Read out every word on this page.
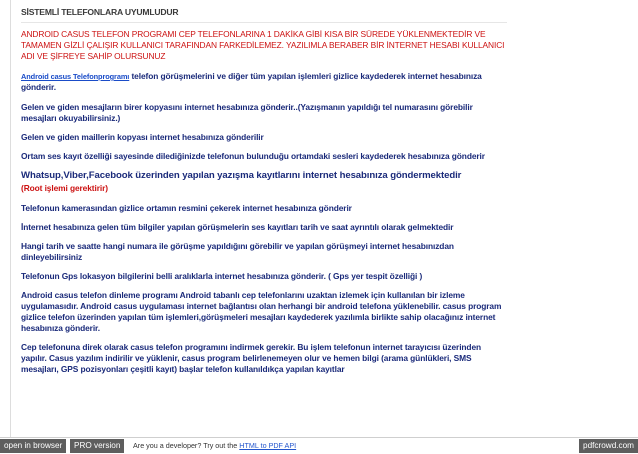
SİSTEMLİ TELEFONLARA UYUMLUDUR

ANDROID CASUS TELEFON PROGRAMI CEP TELEFONLARINA 1 DAKİKA GİBİ KISA BİR SÜREDE YÜKLENMEKTEDİR VE TAMAMEN GİZLİ ÇALIŞIR KULLANICI TARAFINDAN FARKEDİLEMEZ. YAZILIMLA BERABER BİR İNTERNET HESABI KULLANICI ADI VE ŞİFREYE SAHİP OLURSUNUZ

Android casus Telefonprogramı telefon görüşmelerini ve diğer tüm yapılan işlemleri gizlice kaydederek internet hesabınıza gönderir.

Gelen ve giden mesajların birer kopyasını internet hesabınıza gönderir..(Yazışmanın yapıldığı tel numarasını görebilir mesajları okuyabilirsiniz.)

Gelen ve giden maillerin kopyası internet hesabınıza gönderilir

Ortam ses kayıt özelliği sayesinde dilediğinizde telefonun bulunduğu ortamdaki sesleri kaydederek hesabınıza gönderir

Whatsup,Viber,Facebook üzerinden yapılan yazışma kayıtlarını internet hesabınıza göndermektedir
(Root işlemi gerektirir)

Telefonun kamerasından gizlice ortamın resmini çekerek internet hesabınıza gönderir

İnternet hesabınıza gelen tüm bilgiler yapılan görüşmelerin ses kayıtları tarih ve saat ayrıntılı olarak gelmektedir

Hangi tarih ve saatte hangi numara ile görüşme yapıldığını görebilir ve yapılan görüşmeyi internet hesabınızdan dinleyebilirsiniz

Telefonun Gps lokasyon bilgilerini belli aralıklarla internet hesabınıza gönderir. ( Gps yer tespit özelliği )

Android casus telefon dinleme programı Android tabanlı cep telefonlarını uzaktan izlemek için kullanılan bir izleme uygulamasıdır. Android casus uygulaması internet bağlantısı olan herhangi bir android telefona yüklenebilir. casus program gizlice telefon üzerinden yapılan tüm işlemleri,görüşmeleri mesajları kaydederek yazılımla birlikte sahip olacağınız internet hesabınıza gönderir.

Cep telefonuna direk olarak casus telefon programını indirmek gerekir. Bu işlem telefonun internet tarayıcısı üzerinden yapılır. Casus yazılım indirilir ve yüklenir, casus program belirlenemeyen olur ve hemen bilgi (arama günlükleri, SMS mesajları, GPS pozisyonları çeşitli kayıt) başlar telefon kullanıldıkça yapılan kayıtlar

open in browser	PRO version	Are you a developer? Try out the HTML to PDF API	pdfcrowd.com
